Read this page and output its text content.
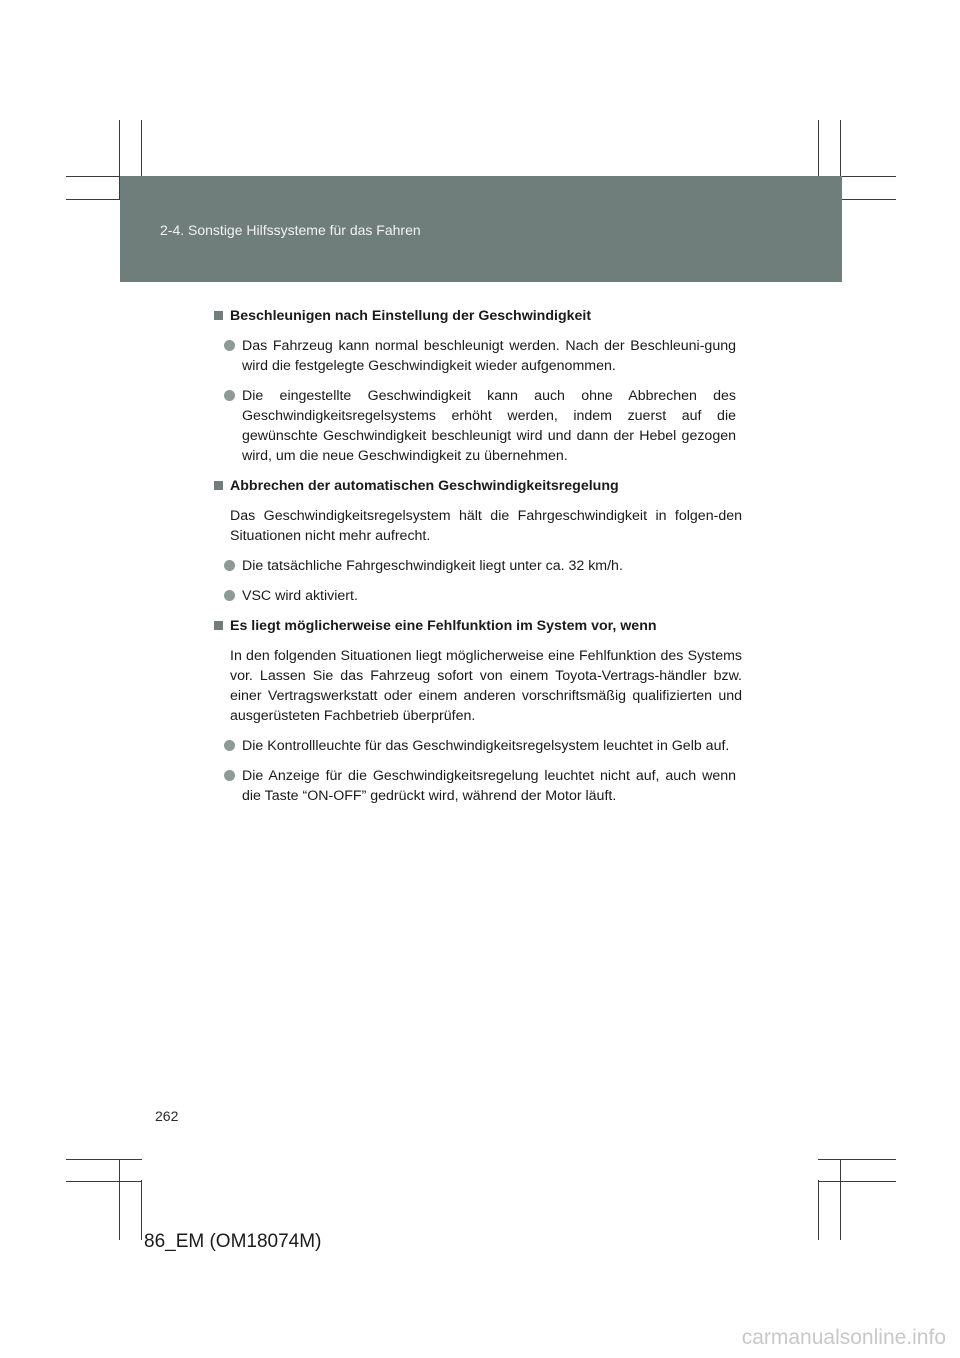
2-4. Sonstige Hilfssysteme für das Fahren
Beschleunigen nach Einstellung der Geschwindigkeit
Das Fahrzeug kann normal beschleunigt werden. Nach der Beschleuni-gung wird die festgelegte Geschwindigkeit wieder aufgenommen.
Die eingestellte Geschwindigkeit kann auch ohne Abbrechen des Geschwindigkeitsregelsystems erhöht werden, indem zuerst auf die gewünschte Geschwindigkeit beschleunigt wird und dann der Hebel gezogen wird, um die neue Geschwindigkeit zu übernehmen.
Abbrechen der automatischen Geschwindigkeitsregelung
Das Geschwindigkeitsregelsystem hält die Fahrgeschwindigkeit in folgen-den Situationen nicht mehr aufrecht.
Die tatsächliche Fahrgeschwindigkeit liegt unter ca. 32 km/h.
VSC wird aktiviert.
Es liegt möglicherweise eine Fehlfunktion im System vor, wenn
In den folgenden Situationen liegt möglicherweise eine Fehlfunktion des Systems vor. Lassen Sie das Fahrzeug sofort von einem Toyota-Vertrags-händler bzw. einer Vertragswerkstatt oder einem anderen vorschriftsmäßig qualifizierten und ausgerüsteten Fachbetrieb überprüfen.
Die Kontrollleuchte für das Geschwindigkeitsregelsystem leuchtet in Gelb auf.
Die Anzeige für die Geschwindigkeitsregelung leuchtet nicht auf, auch wenn die Taste “ON-OFF” gedrückt wird, während der Motor läuft.
262
86_EM (OM18074M)
carmanualsonline.info
